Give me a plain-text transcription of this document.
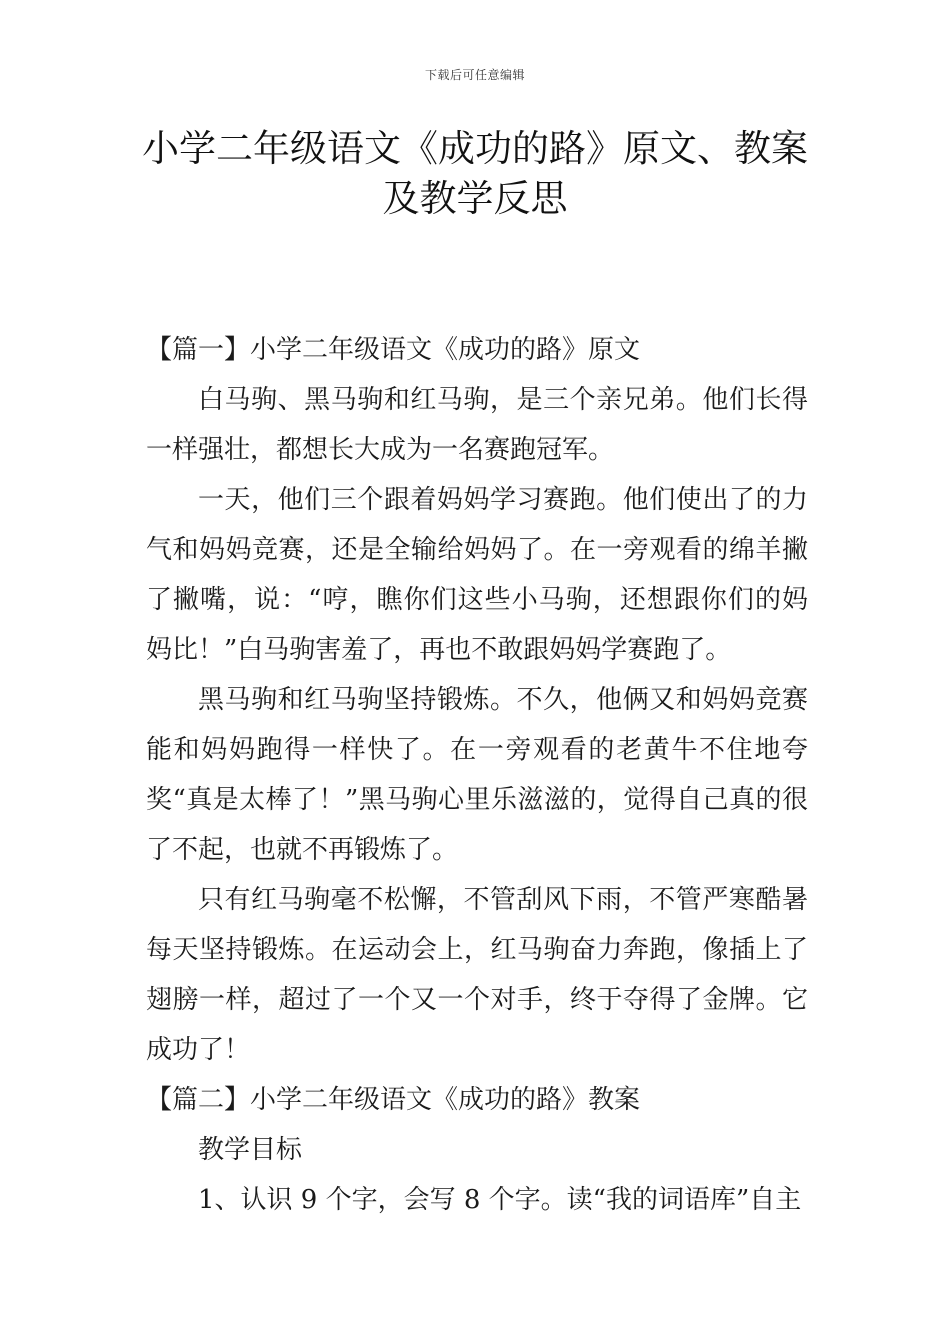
下载后可任意编辑
小学二年级语文《成功的路》原文、教案
及教学反思

【篇一】小学二年级语文《成功的路》原文

白马驹、黑马驹和红马驹，是三个亲兄弟。他们长得一样强壮，都想长大成为一名赛跑冠军。

一天，他们三个跟着妈妈学习赛跑。他们使出了的力气和妈妈竞赛，还是全输给妈妈了。在一旁观看的绵羊撇了撇嘴，说：“哼，瞧你们这些小马驹，还想跟你们的妈妈比！”白马驹害羞了，再也不敢跟妈妈学赛跑了。

黑马驹和红马驹坚持锻炼。不久，他俩又和妈妈竞赛能和妈妈跑得一样快了。在一旁观看的老黄牛不住地夸奖“真是太棒了！”黑马驹心里乐滋滋的，觉得自己真的很了不起，也就不再锻炼了。

只有红马驹毫不松懈，不管刮风下雨，不管严寒酷暑每天坚持锻炼。在运动会上，红马驹奋力奔跑，像插上了翅膀一样，超过了一个又一个对手，终于夺得了金牌。它成功了！

【篇二】小学二年级语文《成功的路》教案

教学目标

1、认识 9 个字，会写 8 个字。读“我的词语库”自主
